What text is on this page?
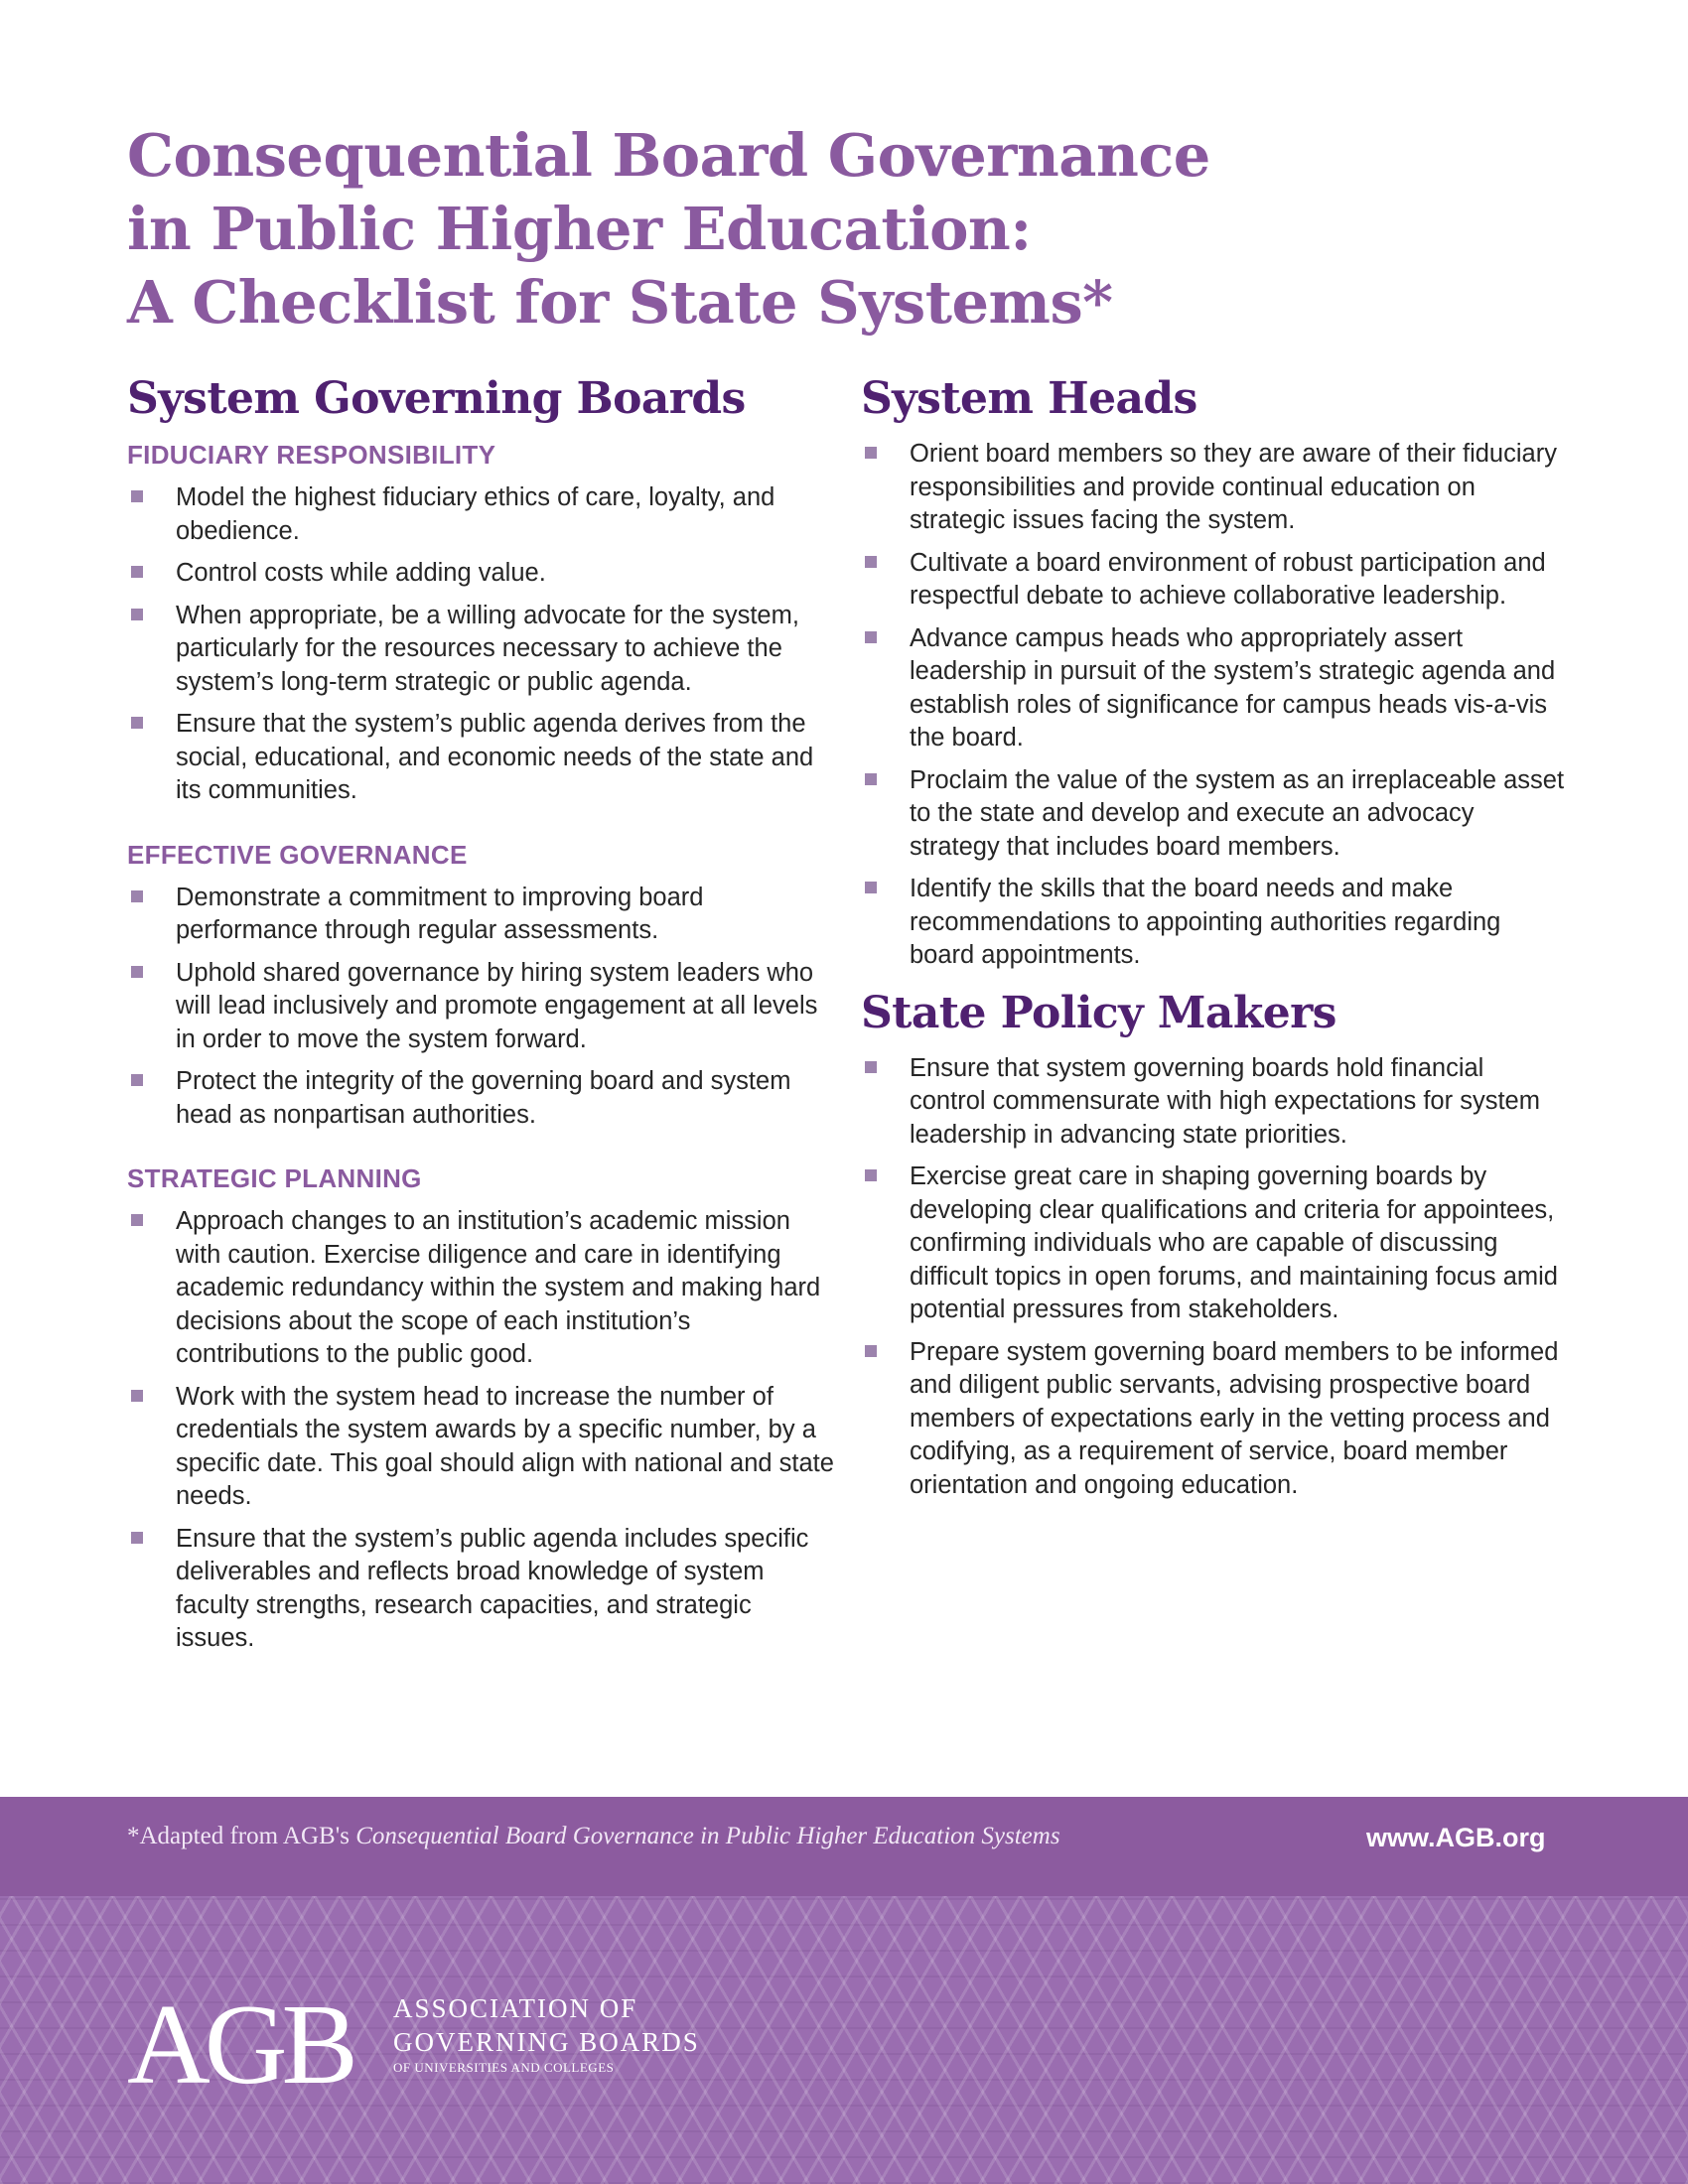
Consequential Board Governance
in Public Higher Education:
A Checklist for State Systems*
System Governing Boards
FIDUCIARY RESPONSIBILITY
Model the highest fiduciary ethics of care, loyalty, and obedience.
Control costs while adding value.
When appropriate, be a willing advocate for the system, particularly for the resources necessary to achieve the system’s long-term strategic or public agenda.
Ensure that the system’s public agenda derives from the social, educational, and economic needs of the state and its communities.
EFFECTIVE GOVERNANCE
Demonstrate a commitment to improving board performance through regular assessments.
Uphold shared governance by hiring system leaders who will lead inclusively and promote engagement at all levels in order to move the system forward.
Protect the integrity of the governing board and system head as nonpartisan authorities.
STRATEGIC PLANNING
Approach changes to an institution’s academic mission with caution. Exercise diligence and care in identifying academic redundancy within the system and making hard decisions about the scope of each institution’s contributions to the public good.
Work with the system head to increase the number of credentials the system awards by a specific number, by a specific date. This goal should align with national and state needs.
Ensure that the system’s public agenda includes specific deliverables and reflects broad knowledge of system faculty strengths, research capacities, and strategic issues.
System Heads
Orient board members so they are aware of their fiduciary responsibilities and provide continual education on strategic issues facing the system.
Cultivate a board environment of robust participation and respectful debate to achieve collaborative leadership.
Advance campus heads who appropriately assert leadership in pursuit of the system’s strategic agenda and establish roles of significance for campus heads vis-a-vis the board.
Proclaim the value of the system as an irreplaceable asset to the state and develop and execute an advocacy strategy that includes board members.
Identify the skills that the board needs and make recommendations to appointing authorities regarding board appointments.
State Policy Makers
Ensure that system governing boards hold financial control commensurate with high expectations for system leadership in advancing state priorities.
Exercise great care in shaping governing boards by developing clear qualifications and criteria for appointees, confirming individuals who are capable of discussing difficult topics in open forums, and maintaining focus amid potential pressures from stakeholders.
Prepare system governing board members to be informed and diligent public servants, advising prospective board members of expectations early in the vetting process and codifying, as a requirement of service, board member orientation and ongoing education.
*Adapted from AGB's Consequential Board Governance in Public Higher Education Systems	www.AGB.org
AGB ASSOCIATION OF
GOVERNING BOARDS
OF UNIVERSITIES AND COLLEGES
